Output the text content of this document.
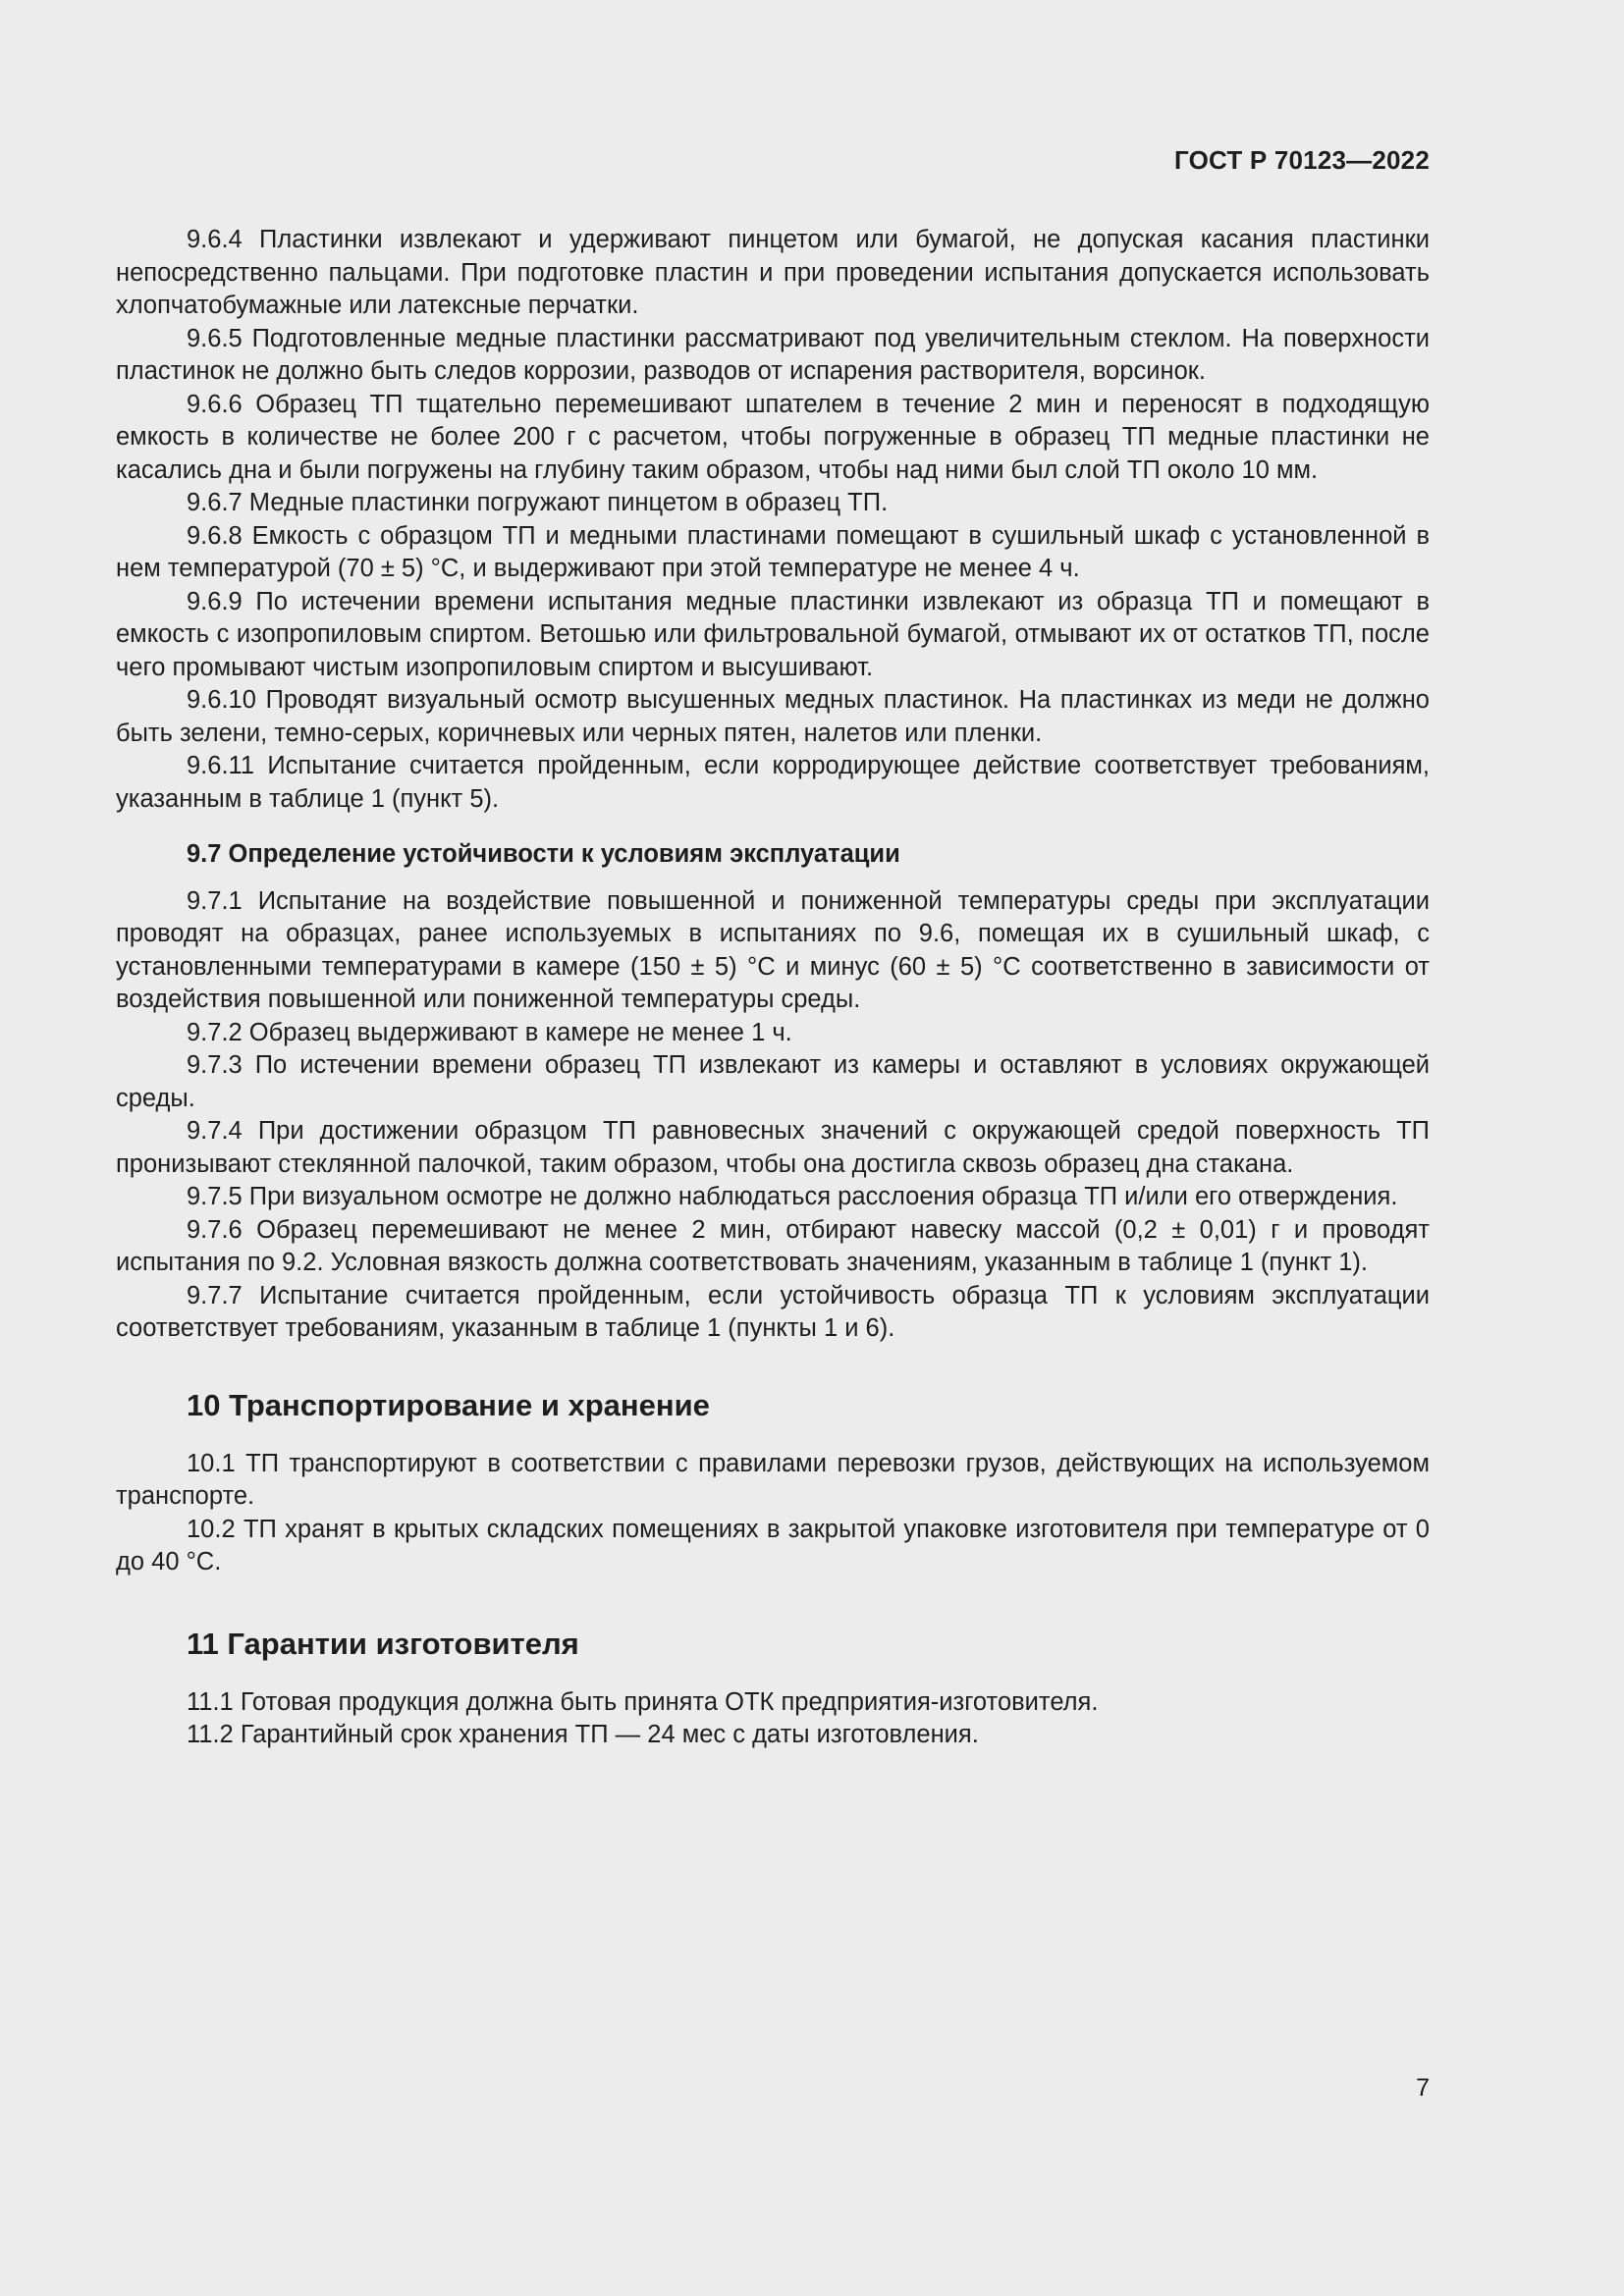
ГОСТ Р 70123—2022

9.6.4 Пластинки извлекают и удерживают пинцетом или бумагой, не допуская касания пластинки непосредственно пальцами. При подготовке пластин и при проведении испытания допускается использовать хлопчатобумажные или латексные перчатки.

9.6.5 Подготовленные медные пластинки рассматривают под увеличительным стеклом. На поверхности пластинок не должно быть следов коррозии, разводов от испарения растворителя, ворсинок.

9.6.6 Образец ТП тщательно перемешивают шпателем в течение 2 мин и переносят в подходящую емкость в количестве не более 200 г с расчетом, чтобы погруженные в образец ТП медные пластинки не касались дна и были погружены на глубину таким образом, чтобы над ними был слой ТП около 10 мм.

9.6.7 Медные пластинки погружают пинцетом в образец ТП.

9.6.8 Емкость с образцом ТП и медными пластинами помещают в сушильный шкаф с установленной в нем температурой (70 ± 5) °С, и выдерживают при этой температуре не менее 4 ч.

9.6.9 По истечении времени испытания медные пластинки извлекают из образца ТП и помещают в емкость с изопропиловым спиртом. Ветошью или фильтровальной бумагой, отмывают их от остатков ТП, после чего промывают чистым изопропиловым спиртом и высушивают.

9.6.10 Проводят визуальный осмотр высушенных медных пластинок. На пластинках из меди не должно быть зелени, темно-серых, коричневых или черных пятен, налетов или пленки.

9.6.11 Испытание считается пройденным, если корродирующее действие соответствует требованиям, указанным в таблице 1 (пункт 5).

9.7 Определение устойчивости к условиям эксплуатации

9.7.1 Испытание на воздействие повышенной и пониженной температуры среды при эксплуатации проводят на образцах, ранее используемых в испытаниях по 9.6, помещая их в сушильный шкаф, с установленными температурами в камере (150 ± 5) °С и минус (60 ± 5) °С соответственно в зависимости от воздействия повышенной или пониженной температуры среды.

9.7.2 Образец выдерживают в камере не менее 1 ч.

9.7.3 По истечении времени образец ТП извлекают из камеры и оставляют в условиях окружающей среды.

9.7.4 При достижении образцом ТП равновесных значений с окружающей средой поверхность ТП пронизывают стеклянной палочкой, таким образом, чтобы она достигла сквозь образец дна стакана.

9.7.5 При визуальном осмотре не должно наблюдаться расслоения образца ТП и/или его отверждения.

9.7.6 Образец перемешивают не менее 2 мин, отбирают навеску массой (0,2 ± 0,01) г и проводят испытания по 9.2. Условная вязкость должна соответствовать значениям, указанным в таблице 1 (пункт 1).

9.7.7 Испытание считается пройденным, если устойчивость образца ТП к условиям эксплуатации соответствует требованиям, указанным в таблице 1 (пункты 1 и 6).

10 Транспортирование и хранение

10.1 ТП транспортируют в соответствии с правилами перевозки грузов, действующих на используемом транспорте.

10.2 ТП хранят в крытых складских помещениях в закрытой упаковке изготовителя при температуре от 0 до 40 °С.

11 Гарантии изготовителя

11.1 Готовая продукция должна быть принята ОТК предприятия-изготовителя.

11.2 Гарантийный срок хранения ТП — 24 мес с даты изготовления.

7
